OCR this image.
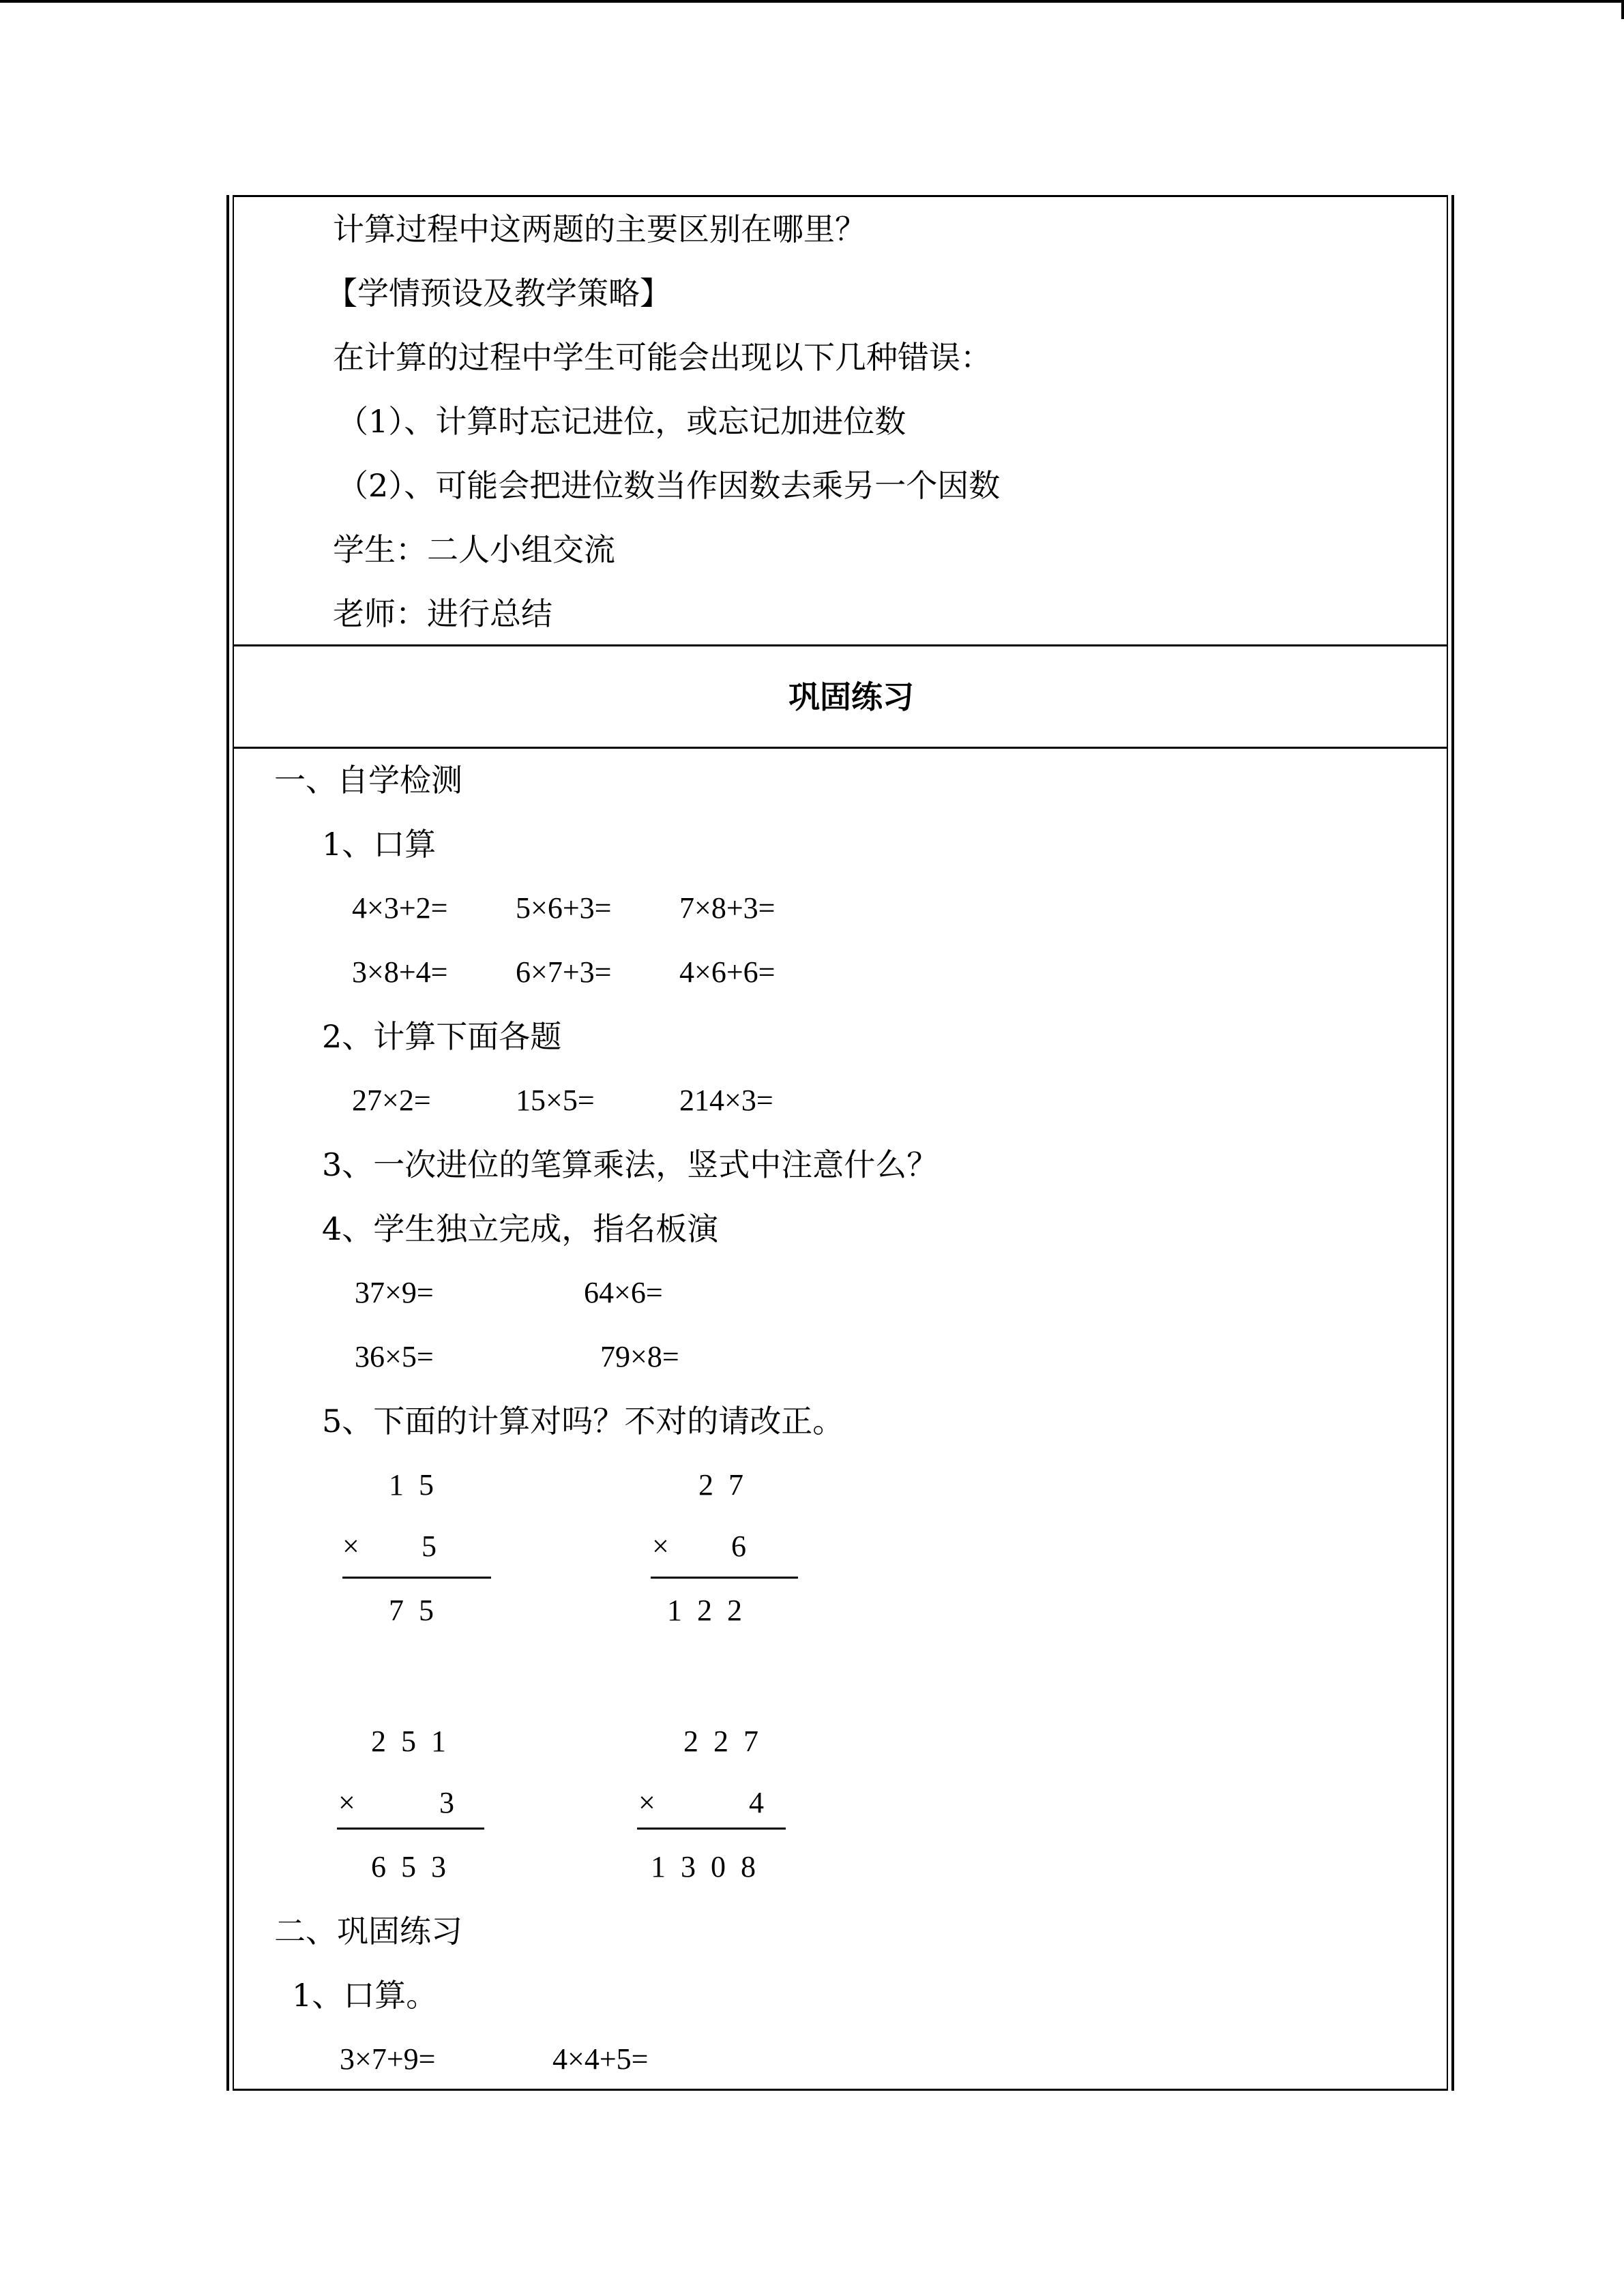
计算过程中这两题的主要区别在哪里？
【学情预设及教学策略】
在计算的过程中学生可能会出现以下几种错误：
（1）、计算时忘记进位，或忘记加进位数
（2）、可能会把进位数当作因数去乘另一个因数
学生：二人小组交流
老师：进行总结
巩固练习
一、自学检测
1、口算
4×3+2= 5×6+3= 7×8+3=
3×8+4= 6×7+3= 4×6+6=
2、计算下面各题
27×2=	15×5=	214×3=
3、一次进位的笔算乘法，竖式中注意什么？
4、学生独立完成，指名板演
37×9=	64×6=
36×5=	79×8=
5、下面的计算对吗？不对的请改正。
15
× 5
75
27
× 6
122
251
×	3
653
227
×	4
1308
二、巩固练习
1、口算。
3×7+9=	4×4+5=
